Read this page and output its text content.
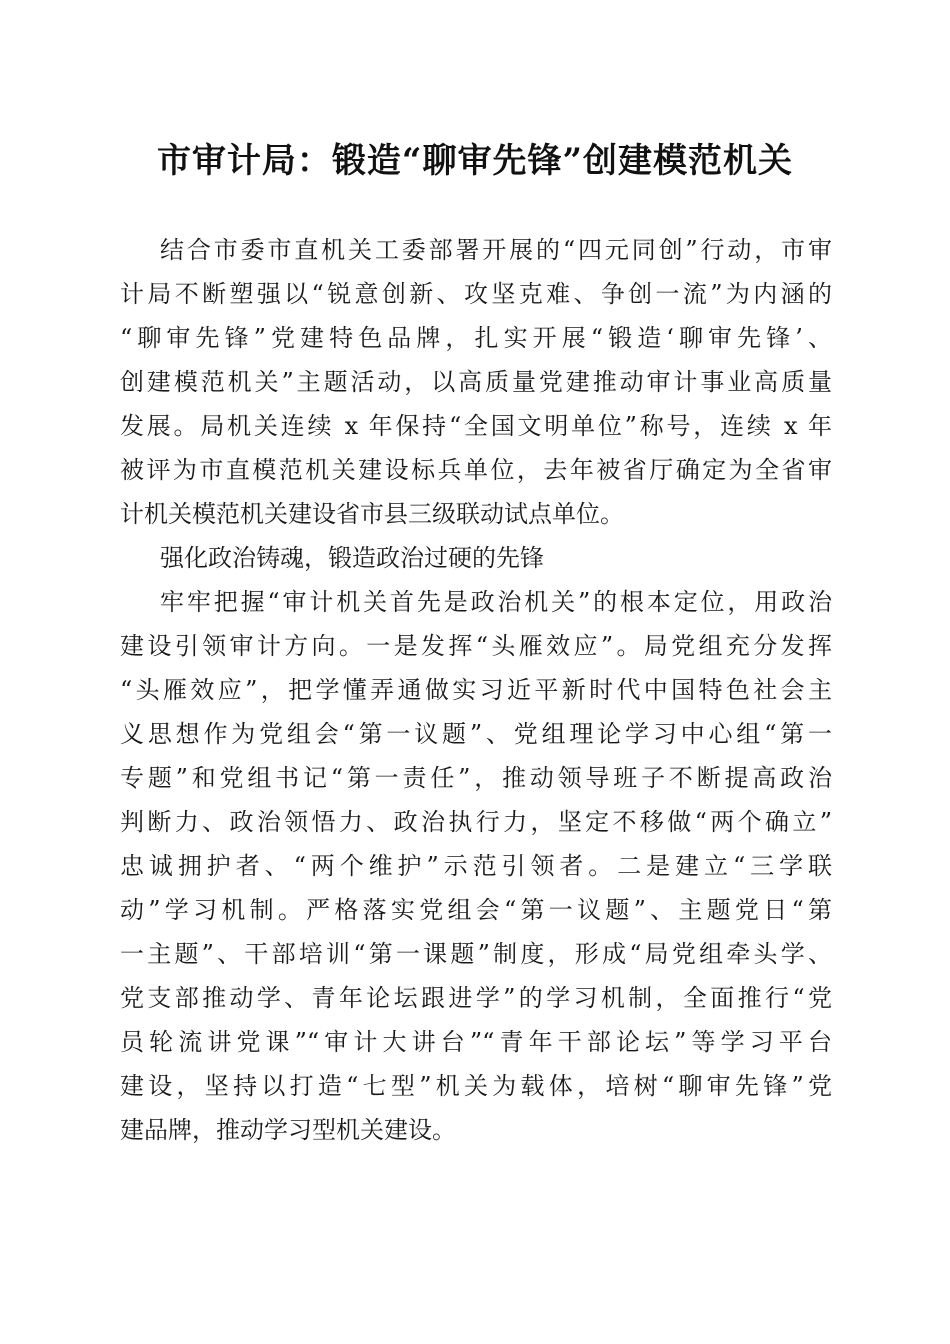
市审计局：锻造“聊审先锋”创建模范机关
结合市委市直机关工委部署开展的“四元同创”行动，市审
计局不断塑强以“锐意创新、攻坚克难、争创一流”为内涵的
“聊审先锋”党建特色品牌，扎实开展“锻造‘聊审先锋’、
创建模范机关”主题活动，以高质量党建推动审计事业高质量
发展。局机关连续 x 年保持“全国文明单位”称号，连续 x 年
被评为市直模范机关建设标兵单位，去年被省厅确定为全省审
计机关模范机关建设省市县三级联动试点单位。
强化政治铸魂，锻造政治过硬的先锋
牢牢把握“审计机关首先是政治机关”的根本定位，用政治
建设引领审计方向。一是发挥“头雁效应”。局党组充分发挥
“头雁效应”，把学懂弄通做实习近平新时代中国特色社会主
义思想作为党组会“第一议题”、党组理论学习中心组“第一
专题”和党组书记“第一责任”，推动领导班子不断提高政治
判断力、政治领悟力、政治执行力，坚定不移做“两个确立”
忠诚拥护者、“两个维护”示范引领者。二是建立“三学联
动”学习机制。严格落实党组会“第一议题”、主题党日“第
一主题”、干部培训“第一课题”制度，形成“局党组牵头学、
党支部推动学、青年论坛跟进学”的学习机制，全面推行“党
员轮流讲党课”“审计大讲台”“青年干部论坛”等学习平台
建设，坚持以打造“七型”机关为载体，培树“聊审先锋”党
建品牌，推动学习型机关建设。
